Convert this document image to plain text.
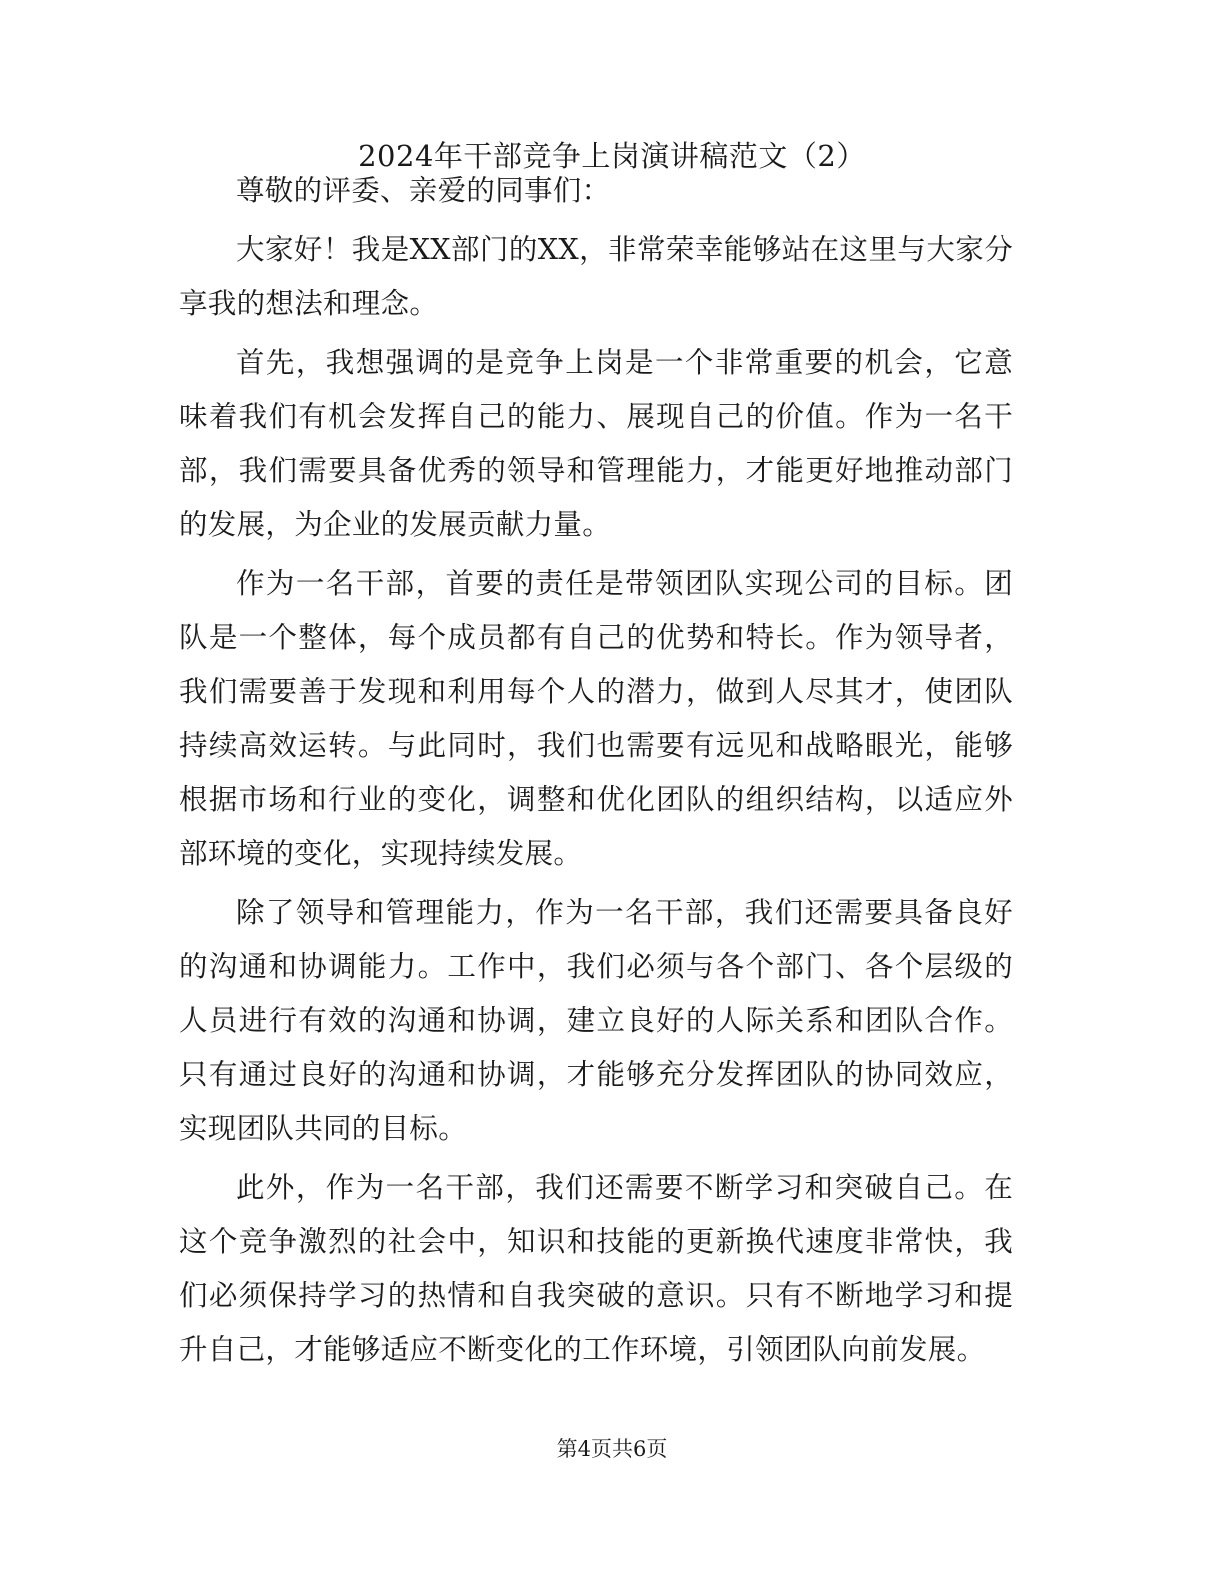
2024年干部竞争上岗演讲稿范文（2）

尊敬的评委、亲爱的同事们：

大家好！我是XX部门的XX，非常荣幸能够站在这里与大家分享我的想法和理念。

首先，我想强调的是竞争上岗是一个非常重要的机会，它意味着我们有机会发挥自己的能力、展现自己的价值。作为一名干部，我们需要具备优秀的领导和管理能力，才能更好地推动部门的发展，为企业的发展贡献力量。

作为一名干部，首要的责任是带领团队实现公司的目标。团队是一个整体，每个成员都有自己的优势和特长。作为领导者，我们需要善于发现和利用每个人的潜力，做到人尽其才，使团队持续高效运转。与此同时，我们也需要有远见和战略眼光，能够根据市场和行业的变化，调整和优化团队的组织结构，以适应外部环境的变化，实现持续发展。

除了领导和管理能力，作为一名干部，我们还需要具备良好的沟通和协调能力。工作中，我们必须与各个部门、各个层级的人员进行有效的沟通和协调，建立良好的人际关系和团队合作。只有通过良好的沟通和协调，才能够充分发挥团队的协同效应，实现团队共同的目标。

此外，作为一名干部，我们还需要不断学习和突破自己。在这个竞争激烈的社会中，知识和技能的更新换代速度非常快，我们必须保持学习的热情和自我突破的意识。只有不断地学习和提升自己，才能够适应不断变化的工作环境，引领团队向前发展。

第4页共6页
